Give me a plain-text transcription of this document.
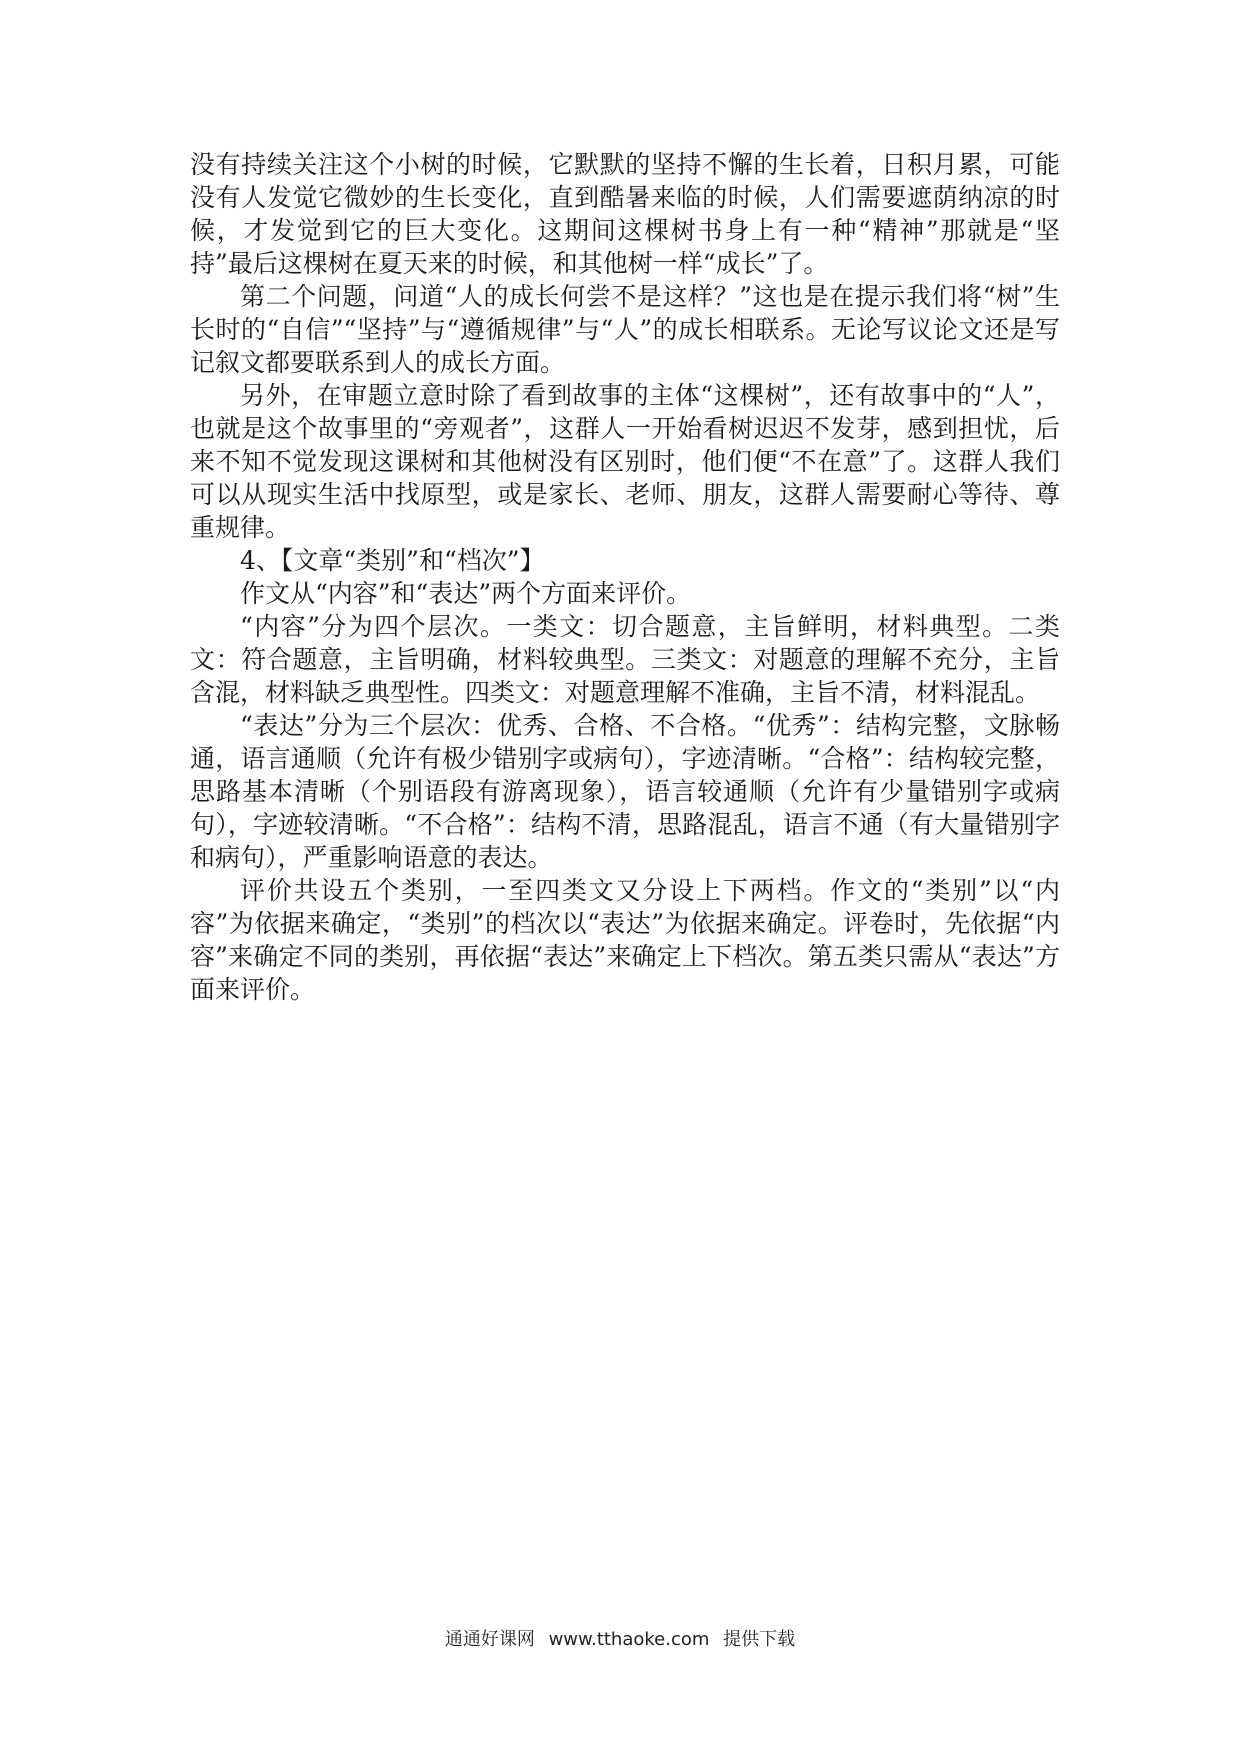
没有持续关注这个小树的时候，它默默的坚持不懈的生长着，日积月累，可能没有人发觉它微妙的生长变化，直到酷暑来临的时候，人们需要遮荫纳凉的时候，才发觉到它的巨大变化。这期间这棵树书身上有一种“精神”那就是“坚持”最后这棵树在夏天来的时候，和其他树一样“成长”了。

第二个问题，问道“人的成长何尝不是这样？”这也是在提示我们将“树”生长时的“自信”“坚持”与“遵循规律”与“人”的成长相联系。无论写议论文还是写记叙文都要联系到人的成长方面。

另外，在审题立意时除了看到故事的主体“这棵树”，还有故事中的“人”，也就是这个故事里的“旁观者”，这群人一开始看树迟迟不发芽，感到担忧，后来不知不觉发现这课树和其他树没有区别时，他们便“不在意”了。这群人我们可以从现实生活中找原型，或是家长、老师、朋友，这群人需要耐心等待、尊重规律。

4、【文章“类别”和“档次”】

作文从“内容”和“表达”两个方面来评价。

“内容”分为四个层次。一类文：切合题意，主旨鲜明，材料典型。二类文：符合题意，主旨明确，材料较典型。三类文：对题意的理解不充分，主旨含混，材料缺乏典型性。四类文：对题意理解不准确，主旨不清，材料混乱。

“表达”分为三个层次：优秀、合格、不合格。“优秀”：结构完整，文脉畅通，语言通顺（允许有极少错别字或病句），字迹清晰。“合格”：结构较完整，思路基本清晰（个别语段有游离现象），语言较通顺（允许有少量错别字或病句），字迹较清晰。“不合格”：结构不清，思路混乱，语言不通（有大量错别字和病句），严重影响语意的表达。

评价共设五个类别，一至四类文又分设上下两档。作文的“类别”以“内容”为依据来确定，“类别”的档次以“表达”为依据来确定。评卷时，先依据“内容”来确定不同的类别，再依据“表达”来确定上下档次。第五类只需从“表达”方面来评价。

通通好课网 www.tthaoke.com 提供下载
